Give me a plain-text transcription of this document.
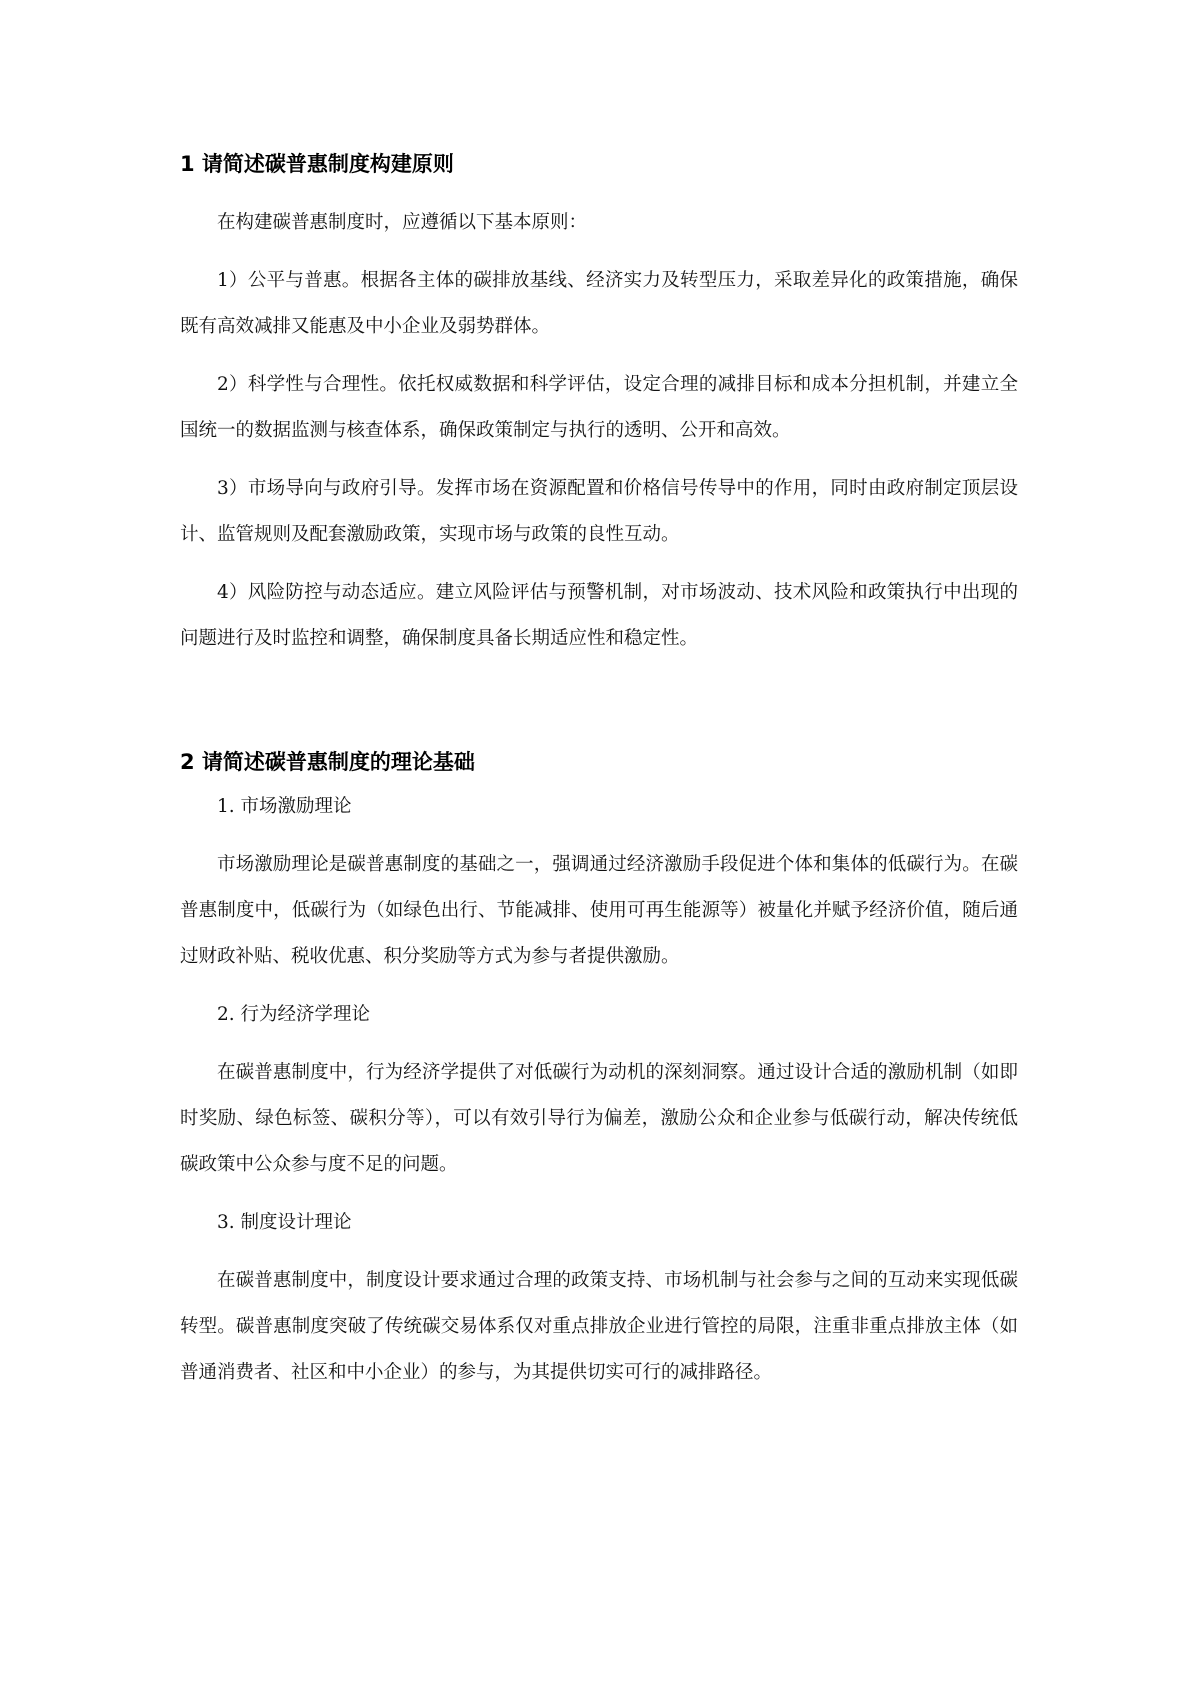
1 请简述碳普惠制度构建原则

在构建碳普惠制度时，应遵循以下基本原则：

1）公平与普惠。根据各主体的碳排放基线、经济实力及转型压力，采取差异化的政策措施，确保既有高效减排又能惠及中小企业及弱势群体。

2）科学性与合理性。依托权威数据和科学评估，设定合理的减排目标和成本分担机制，并建立全国统一的数据监测与核查体系，确保政策制定与执行的透明、公开和高效。

3）市场导向与政府引导。发挥市场在资源配置和价格信号传导中的作用，同时由政府制定顶层设计、监管规则及配套激励政策，实现市场与政策的良性互动。

4）风险防控与动态适应。建立风险评估与预警机制，对市场波动、技术风险和政策执行中出现的问题进行及时监控和调整，确保制度具备长期适应性和稳定性。

2 请简述碳普惠制度的理论基础

1. 市场激励理论

市场激励理论是碳普惠制度的基础之一，强调通过经济激励手段促进个体和集体的低碳行为。在碳普惠制度中，低碳行为（如绿色出行、节能减排、使用可再生能源等）被量化并赋予经济价值，随后通过财政补贴、税收优惠、积分奖励等方式为参与者提供激励。

2. 行为经济学理论

在碳普惠制度中，行为经济学提供了对低碳行为动机的深刻洞察。通过设计合适的激励机制（如即时奖励、绿色标签、碳积分等），可以有效引导行为偏差，激励公众和企业参与低碳行动，解决传统低碳政策中公众参与度不足的问题。

3. 制度设计理论

在碳普惠制度中，制度设计要求通过合理的政策支持、市场机制与社会参与之间的互动来实现低碳转型。碳普惠制度突破了传统碳交易体系仅对重点排放企业进行管控的局限，注重非重点排放主体（如普通消费者、社区和中小企业）的参与，为其提供切实可行的减排路径。
